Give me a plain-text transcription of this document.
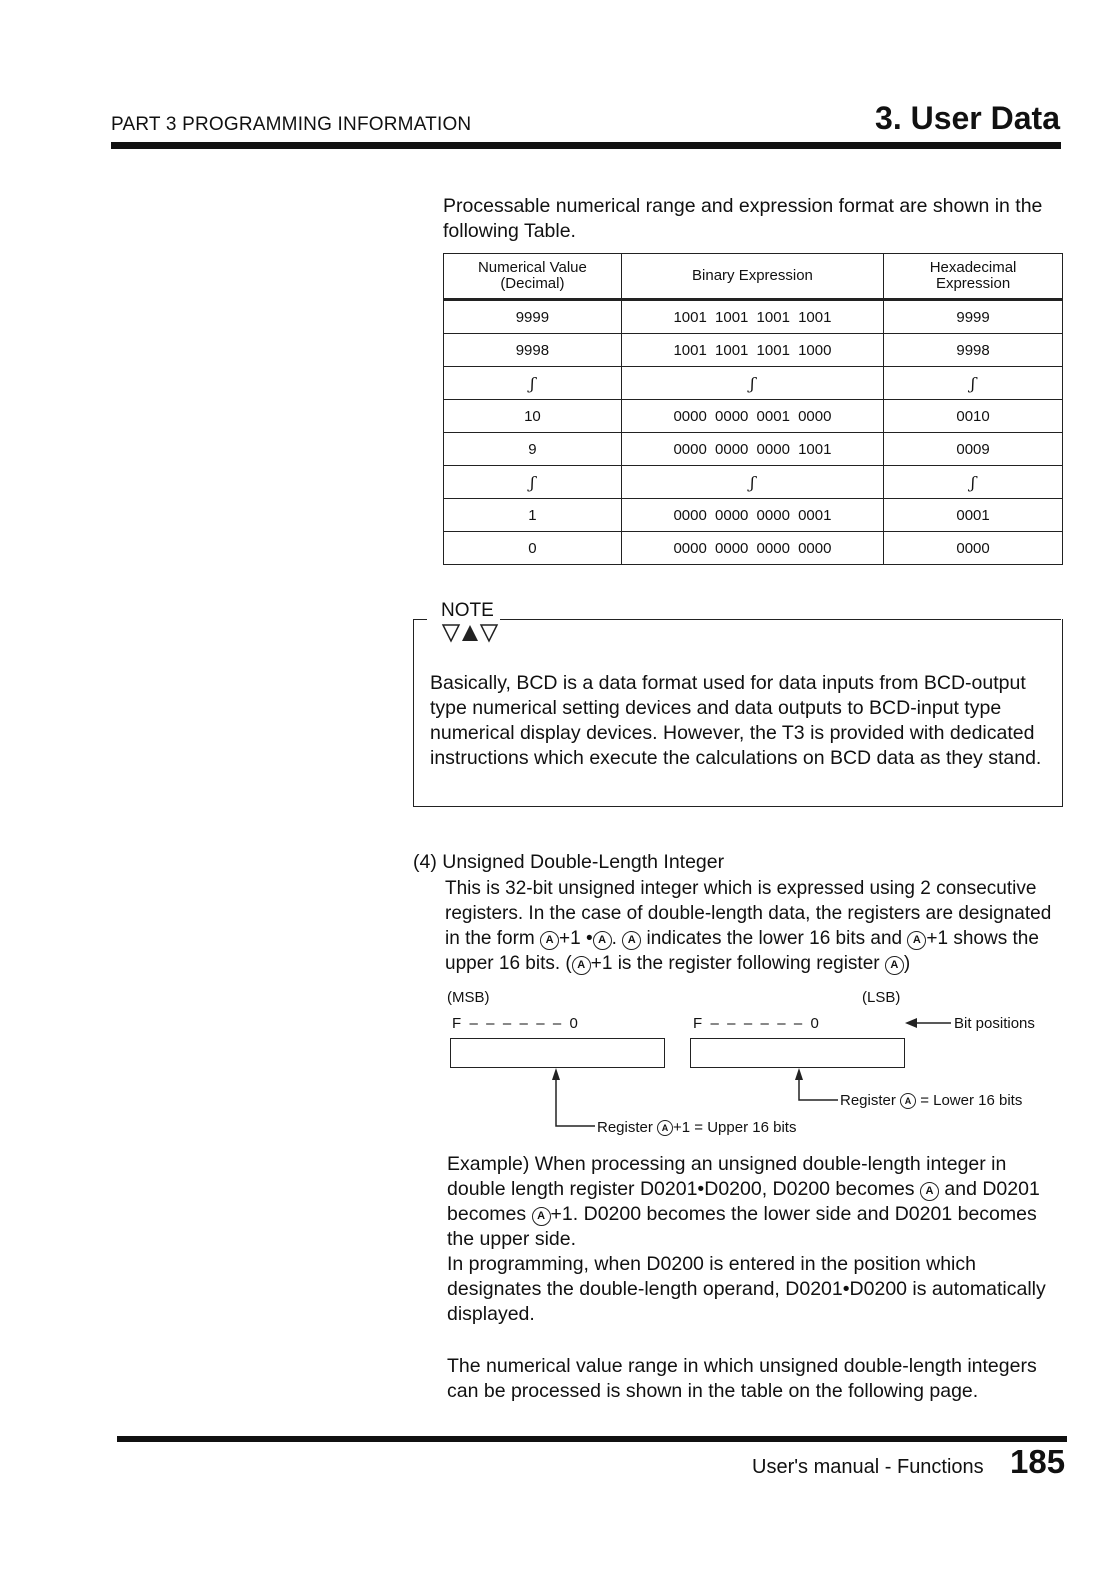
PART 3 PROGRAMMING INFORMATION	3. User Data
Processable numerical range and expression format are shown in the following Table.
Numerical Value (Decimal)	Binary Expression	Hexadecimal Expression
9999	1001 1001 1001 1001	9999
9998	1001 1001 1001 1000	9998
ʃ	ʃ	ʃ
10	0000 0000 0001 0000	0010
9	0000 0000 0000 1001	0009
ʃ	ʃ	ʃ
1	0000 0000 0000 0001	0001
0	0000 0000 0000 0000	0000
NOTE
Basically, BCD is a data format used for data inputs from BCD-output type numerical setting devices and data outputs to BCD-input type numerical display devices. However, the T3 is provided with dedicated instructions which execute the calculations on BCD data as they stand.
(4) Unsigned Double-Length Integer
This is 32-bit unsigned integer which is expressed using 2 consecutive registers. In the case of double-length data, the registers are designated in the form A +1 • A . A indicates the lower 16 bits and A +1 shows the upper 16 bits. ( A +1 is the register following register A )
(MSB)	(LSB)
F  –  –  –  –  –  –  0	F  –  –  –  –  –  –  0	Bit positions
Register A +1 = Upper 16 bits
Register A = Lower 16 bits

Example) When processing an unsigned double-length integer in double length register D0201•D0200, D0200 becomes A and D0201 becomes A +1. D0200 becomes the lower side and D0201 becomes the upper side.

In programming, when D0200 is entered in the position which designates the double-length operand, D0201•D0200 is automatically displayed.

The numerical value range in which unsigned double-length integers can be processed is shown in the table on the following page.
User's manual - Functions 185
